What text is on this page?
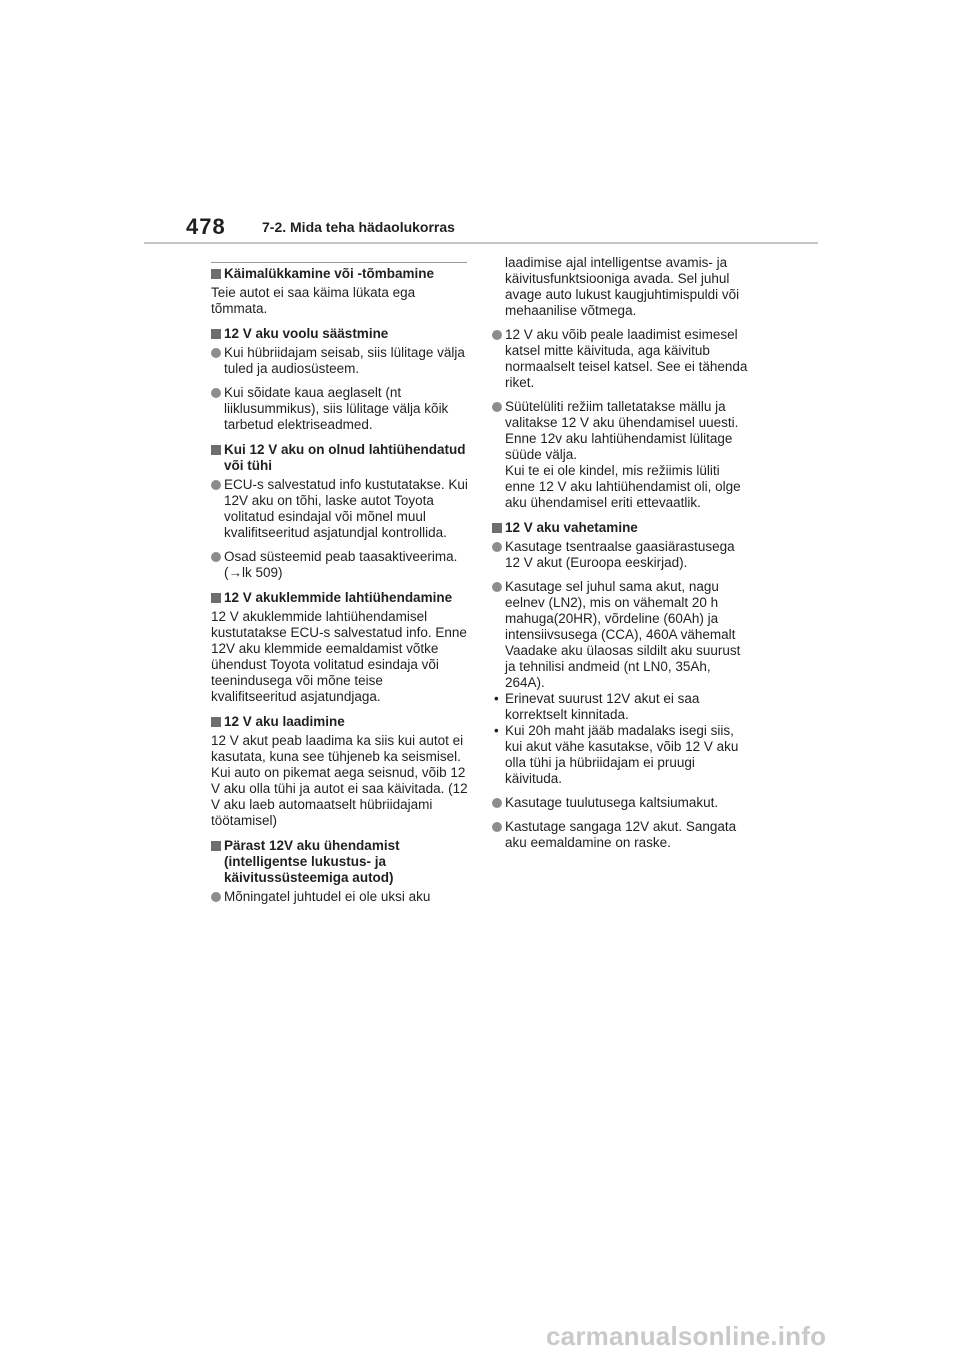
478	7-2. Mida teha hädaolukorras
Käimalükkamine või -tõmbamine
Teie autot ei saa käima lükata ega tõmmata.
12 V aku voolu säästmine
Kui hübriidajam seisab, siis lülitage välja tuled ja audiosüsteem.
Kui sõidate kaua aeglaselt (nt liiklusummikus), siis lülitage välja kõik tarbetud elektriseadmed.
Kui 12 V aku on olnud lahtiühendatud või tühi
ECU-s salvestatud info kustutatakse. Kui 12V aku on tõhi, laske autot Toyota volitatud esindajal või mõnel muul kvalifitseeritud asjatundjal kontrollida.
Osad süsteemid peab taasaktiveerima. (→lk 509)
12 V akuklemmide lahtiühendamine
12 V akuklemmide lahtiühendamisel kustutatakse ECU-s salvestatud info. Enne 12V aku klemmide eemaldamist võtke ühendust Toyota volitatud esindaja või teenindusega või mõne teise kvalifitseeritud asjatundjaga.
12 V aku laadimine
12 V akut peab laadima ka siis kui autot ei kasutata, kuna see tühjeneb ka seismisel. Kui auto on pikemat aega seisnud, võib 12 V aku olla tühi ja autot ei saa käivitada. (12 V aku laeb automaatselt hübriidajami töötamisel)
Pärast 12V aku ühendamist (intelligentse lukustus- ja käivitussüsteemiga autod)
Mõningatel juhtudel ei ole uksi aku
laadimise ajal intelligentse avamis- ja käivitusfunktsiooniga avada. Sel juhul avage auto lukust kaugjuhtimispuldi või mehaanilise võtmega.
12 V aku võib peale laadimist esimesel katsel mitte käivituda, aga käivitub normaalselt teisel katsel. See ei tähenda riket.
Süütelüliti režiim talletatakse mällu ja valitakse 12 V aku ühendamisel uuesti. Enne 12v aku lahtiühendamist lülitage süüde välja.
Kui te ei ole kindel, mis režiimis lüliti enne 12 V aku lahtiühendamist oli, olge aku ühendamisel eriti ettevaatlik.
12 V aku vahetamine
Kasutage tsentraalse gaasiärastusega 12 V akut (Euroopa eeskirjad).
Kasutage sel juhul sama akut, nagu eelnev (LN2), mis on vähemalt 20 h mahuga(20HR), võrdeline (60Ah) ja intensiivsusega (CCA), 460A vähemalt Vaadake aku ülaosas sildilt aku suurust ja tehnilisi andmeid (nt LN0, 35Ah, 264A).
• Erinevat suurust 12V akut ei saa korrektselt kinnitada.
• Kui 20h maht jääb madalaks isegi siis, kui akut vähe kasutakse, võib 12 V aku olla tühi ja hübriidajam ei pruugi käivituda.
Kasutage tuulutusega kaltsiumakut.
Kastutage sangaga 12V akut. Sangata aku eemaldamine on raske.
carmanualsonline.info
